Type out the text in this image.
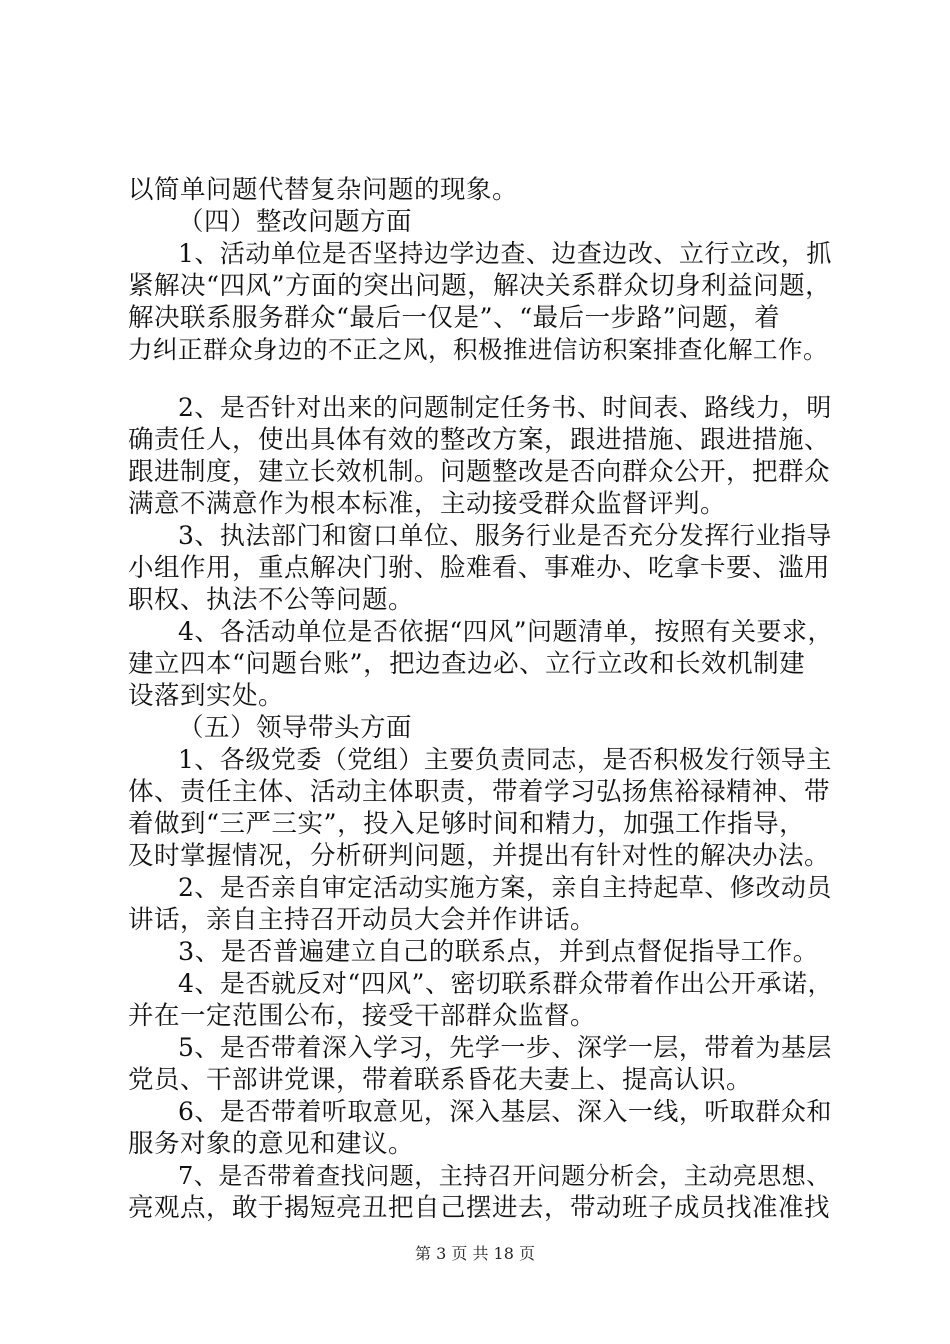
以简单问题代替复杂问题的现象。
（四）整改问题方面
1、活动单位是否坚持边学边查、边查边改、立行立改，抓
紧解决“四风”方面的突出问题，解决关系群众切身利益问题，
解决联系服务群众“最后一仅是”、“最后一步路”问题，着
力纠正群众身边的不正之风，积极推进信访积案排查化解工作。
2、是否针对出来的问题制定任务书、时间表、路线力，明
确责任人，使出具体有效的整改方案，跟进措施、跟进措施、
跟进制度，建立长效机制。问题整改是否向群众公开，把群众
满意不满意作为根本标准，主动接受群众监督评判。
3、执法部门和窗口单位、服务行业是否充分发挥行业指导
小组作用，重点解决门驸、脸难看、事难办、吃拿卡要、滥用
职权、执法不公等问题。
4、各活动单位是否依据“四风”问题清单，按照有关要求，
建立四本“问题台账”，把边查边必、立行立改和长效机制建
设落到实处。
（五）领导带头方面
1、各级党委（党组）主要负责同志，是否积极发行领导主
体、责任主体、活动主体职责，带着学习弘扬焦裕禄精神、带
着做到“三严三实”，投入足够时间和精力，加强工作指导，
及时掌握情况，分析研判问题，并提出有针对性的解决办法。
2、是否亲自审定活动实施方案，亲自主持起草、修改动员
讲话，亲自主持召开动员大会并作讲话。
3、是否普遍建立自己的联系点，并到点督促指导工作。
4、是否就反对“四风”、密切联系群众带着作出公开承诺，
并在一定范围公布，接受干部群众监督。
5、是否带着深入学习，先学一步、深学一层，带着为基层
党员、干部讲党课，带着联系昏花夫妻上、提高认识。
6、是否带着听取意见，深入基层、深入一线，听取群众和
服务对象的意见和建议。
7、是否带着查找问题，主持召开问题分析会，主动亮思想、
亮观点，敢于揭短亮丑把自己摆进去，带动班子成员找准准找
第 3 页 共 18 页
